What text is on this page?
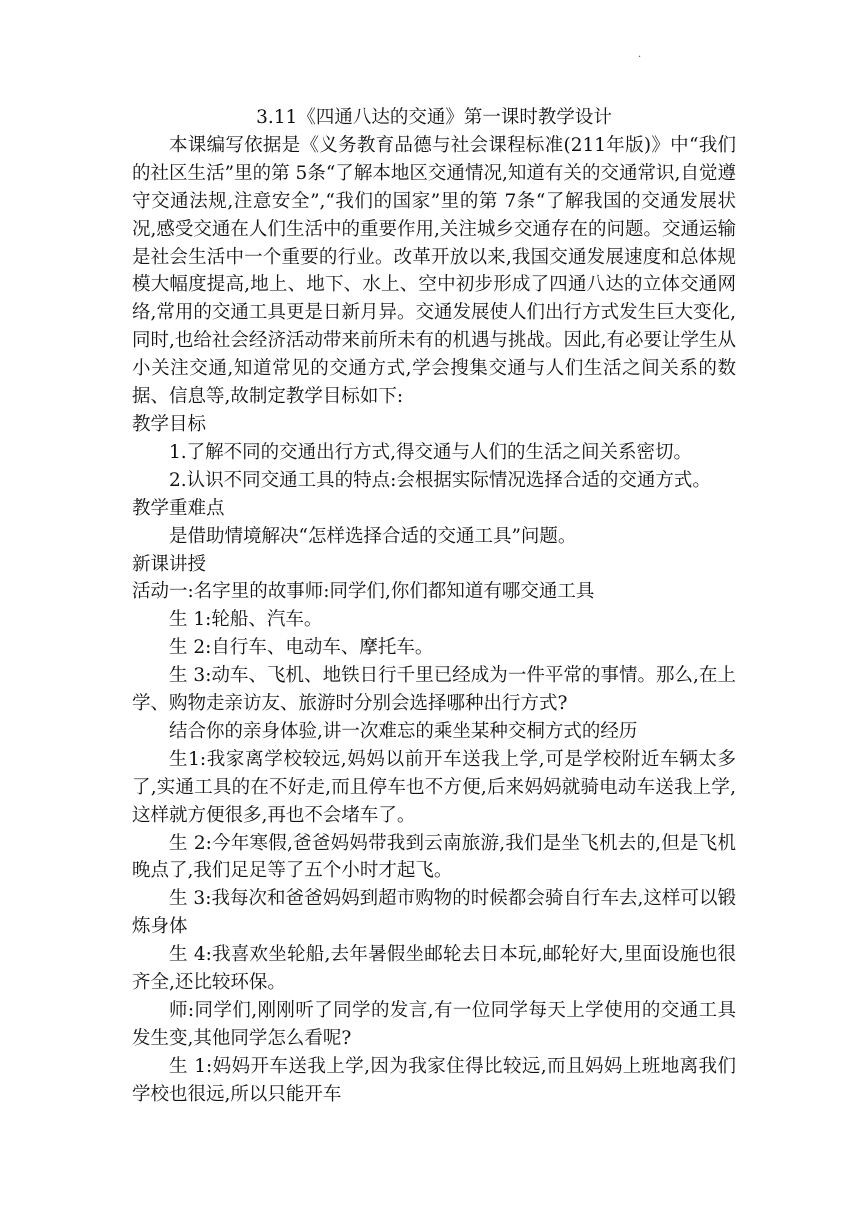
·
3.11《四通八达的交通》第一课时教学设计

本课编写依据是《义务教育品德与社会课程标准(211年版)》中“我们的社区生活”里的第 5条“了解本地区交通情况,知道有关的交通常识,自觉遵守交通法规,注意安全”,“我们的国家”里的第 7条“了解我国的交通发展状况,感受交通在人们生活中的重要作用,关注城乡交通存在的问题。交通运输是社会生活中一个重要的行业。改革开放以来,我国交通发展速度和总体规模大幅度提高,地上、地下、水上、空中初步形成了四通八达的立体交通网络,常用的交通工具更是日新月异。交通发展使人们出行方式发生巨大变化,同时,也给社会经济活动带来前所未有的机遇与挑战。因此,有必要让学生从小关注交通,知道常见的交通方式,学会搜集交通与人们生活之间关系的数据、信息等,故制定教学目标如下:

教学目标

1.了解不同的交通出行方式,得交通与人们的生活之间关系密切。

2.认识不同交通工具的特点:会根据实际情况选择合适的交通方式。

教学重难点

是借助情境解决“怎样选择合适的交通工具”问题。

新课讲授

活动一:名字里的故事师:同学们,你们都知道有哪交通工具

生 1:轮船、汽车。

生 2:自行车、电动车、摩托车。

生 3:动车、飞机、地铁日行千里已经成为一件平常的事情。那么,在上学、购物走亲访友、旅游时分别会选择哪种出行方式?

结合你的亲身体验,讲一次难忘的乘坐某种交桐方式的经历

生1:我家离学校较远,妈妈以前开车送我上学,可是学校附近车辆太多了,实通工具的在不好走,而且停车也不方便,后来妈妈就骑电动车送我上学,这样就方便很多,再也不会堵车了。

生 2:今年寒假,爸爸妈妈带我到云南旅游,我们是坐飞机去的,但是飞机晚点了,我们足足等了五个小时才起飞。

生 3:我每次和爸爸妈妈到超市购物的时候都会骑自行车去,这样可以锻炼身体

生 4:我喜欢坐轮船,去年暑假坐邮轮去日本玩,邮轮好大,里面设施也很齐全,还比较环保。

师:同学们,刚刚听了同学的发言,有一位同学每天上学使用的交通工具发生变,其他同学怎么看呢?

生 1:妈妈开车送我上学,因为我家住得比较远,而且妈妈上班地离我们学校也很远,所以只能开车
